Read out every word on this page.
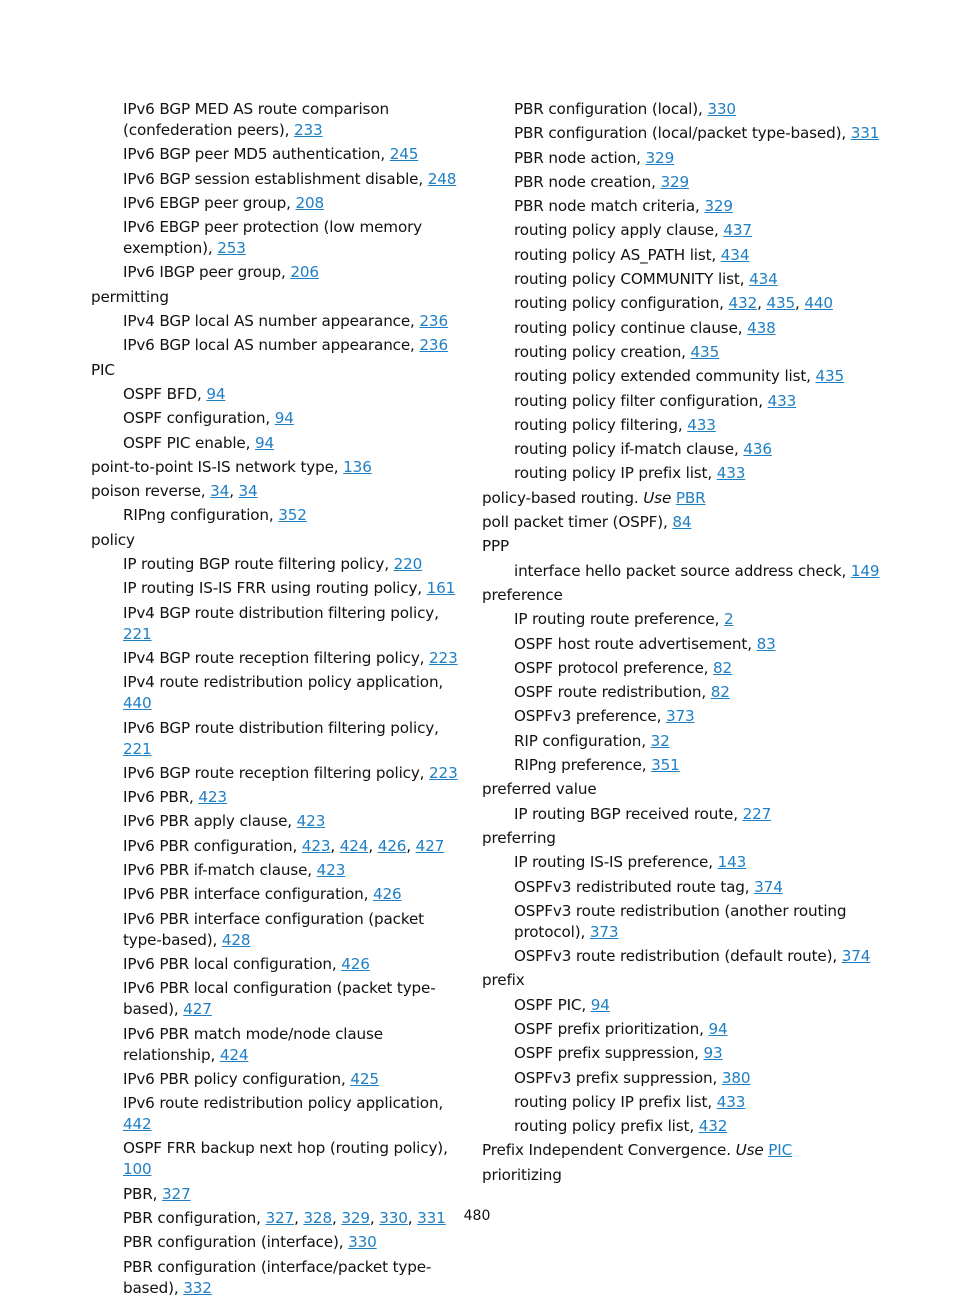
IPv6 BGP MED AS route comparison (confederation peers), 233
IPv6 BGP peer MD5 authentication, 245
IPv6 BGP session establishment disable, 248
IPv6 EBGP peer group, 208
IPv6 EBGP peer protection (low memory exemption), 253
IPv6 IBGP peer group, 206
permitting
IPv4 BGP local AS number appearance, 236
IPv6 BGP local AS number appearance, 236
PIC
OSPF BFD, 94
OSPF configuration, 94
OSPF PIC enable, 94
point-to-point IS-IS network type, 136
poison reverse, 34, 34
RIPng configuration, 352
policy
IP routing BGP route filtering policy, 220
IP routing IS-IS FRR using routing policy, 161
IPv4 BGP route distribution filtering policy, 221
IPv4 BGP route reception filtering policy, 223
IPv4 route redistribution policy application, 440
IPv6 BGP route distribution filtering policy, 221
IPv6 BGP route reception filtering policy, 223
IPv6 PBR, 423
IPv6 PBR apply clause, 423
IPv6 PBR configuration, 423, 424, 426, 427
IPv6 PBR if-match clause, 423
IPv6 PBR interface configuration, 426
IPv6 PBR interface configuration (packet type-based), 428
IPv6 PBR local configuration, 426
IPv6 PBR local configuration (packet type-based), 427
IPv6 PBR match mode/node clause relationship, 424
IPv6 PBR policy configuration, 425
IPv6 route redistribution policy application, 442
OSPF FRR backup next hop (routing policy), 100
PBR, 327
PBR configuration, 327, 328, 329, 330, 331
PBR configuration (interface), 330
PBR configuration (interface/packet type-based), 332
PBR configuration (local), 330
PBR configuration (local/packet type-based), 331
PBR node action, 329
PBR node creation, 329
PBR node match criteria, 329
routing policy apply clause, 437
routing policy AS_PATH list, 434
routing policy COMMUNITY list, 434
routing policy configuration, 432, 435, 440
routing policy continue clause, 438
routing policy creation, 435
routing policy extended community list, 435
routing policy filter configuration, 433
routing policy filtering, 433
routing policy if-match clause, 436
routing policy IP prefix list, 433
policy-based routing. Use PBR
poll packet timer (OSPF), 84
PPP
interface hello packet source address check, 149
preference
IP routing route preference, 2
OSPF host route advertisement, 83
OSPF protocol preference, 82
OSPF route redistribution, 82
OSPFv3 preference, 373
RIP configuration, 32
RIPng preference, 351
preferred value
IP routing BGP received route, 227
preferring
IP routing IS-IS preference, 143
OSPFv3 redistributed route tag, 374
OSPFv3 route redistribution (another routing protocol), 373
OSPFv3 route redistribution (default route), 374
prefix
OSPF PIC, 94
OSPF prefix prioritization, 94
OSPF prefix suppression, 93
OSPFv3 prefix suppression, 380
routing policy IP prefix list, 433
routing policy prefix list, 432
Prefix Independent Convergence. Use PIC
prioritizing
480
